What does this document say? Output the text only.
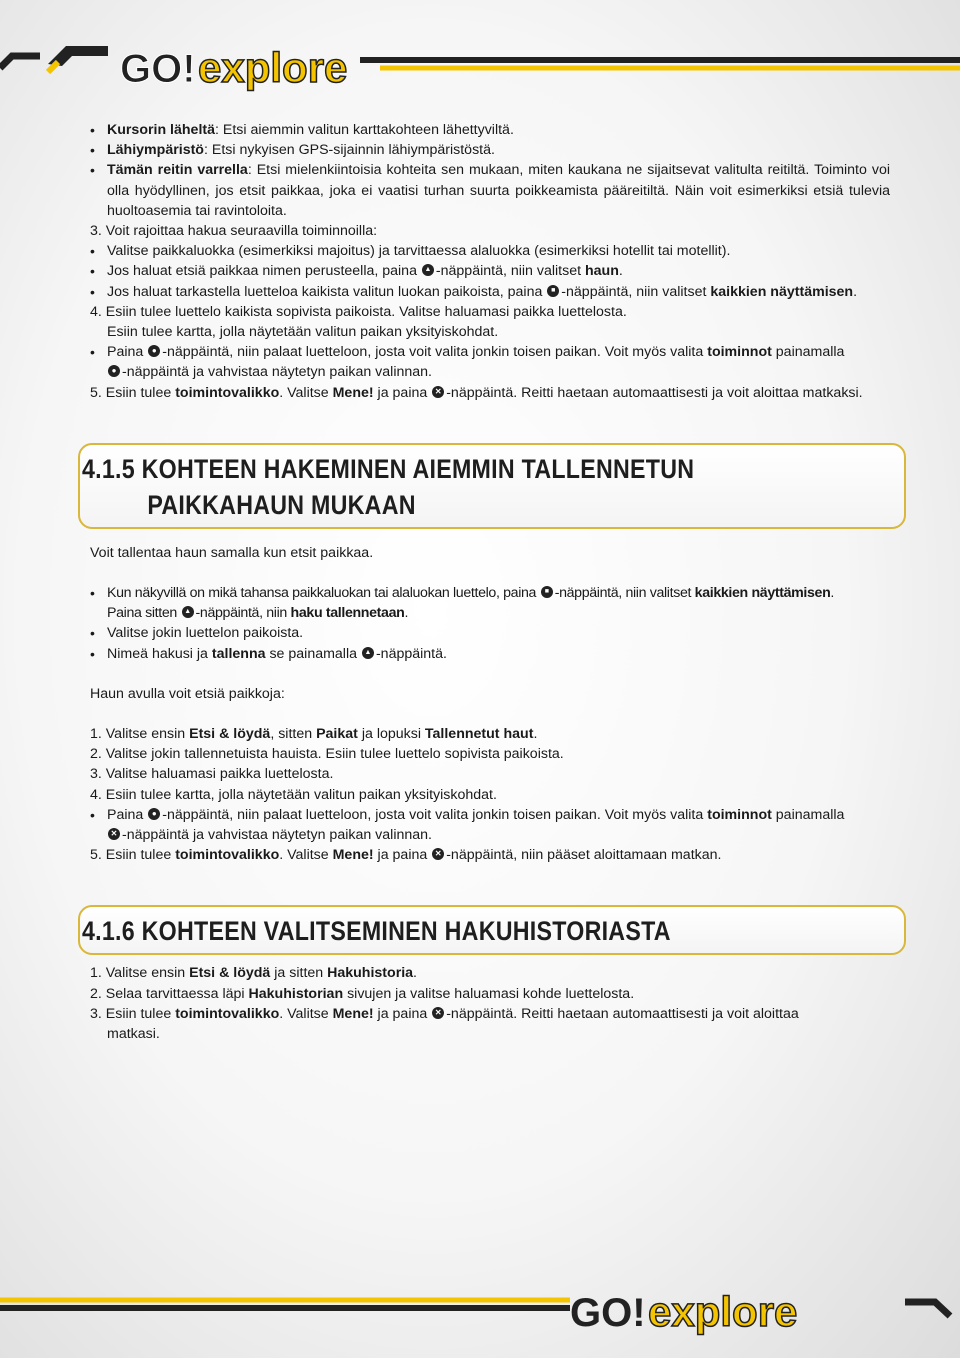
GO! explore

• Kursorin läheltä: Etsi aiemmin valitun karttakohteen lähettyviltä.

• Lähiympäristö: Etsi nykyisen GPS-sijainnin lähiympäristöstä.

• Tämän reitin varrella: Etsi mielenkiintoisia kohteita sen mukaan, miten kaukana ne sijaitsevat valitulta reitiltä. Toiminto voi olla hyödyllinen, jos etsit paikkaa, joka ei vaatisi turhan suurta poikkeamista pääreitiltä. Näin voit esimerkiksi etsiä tulevia huoltoasemia tai ravintoloita.

3. Voit rajoittaa hakua seuraavilla toiminnoilla:

• Valitse paikkaluokka (esimerkiksi majoitus) ja tarvittaessa alaluokka (esimerkiksi hotellit tai motellit).

• Jos haluat etsiä paikkaa nimen perusteella, paina ▲-näppäintä, niin valitset haun.

• Jos haluat tarkastella luetteloa kaikista valitun luokan paikoista, paina ■-näppäintä, niin valitset kaikkien näyttämisen.

4. Esiin tulee luettelo kaikista sopivista paikoista. Valitse haluamasi paikka luettelosta.

Esiin tulee kartta, jolla näytetään valitun paikan yksityiskohdat.

• Paina ●-näppäintä, niin palaat luetteloon, josta voit valita jonkin toisen paikan. Voit myös valita toiminnot painamalla
●-näppäintä ja vahvistaa näytetyn paikan valinnan.

5. Esiin tulee toimintovalikko. Valitse Mene! ja paina ✕-näppäintä. Reitti haetaan automaattisesti ja voit aloittaa matkaksi.

4.1.5 KOHTEEN HAKEMINEN AIEMMIN TALLENNETUN
PAIKKAHAUN MUKAAN

Voit tallentaa haun samalla kun etsit paikkaa.

• Kun näkyvillä on mikä tahansa paikkaluokan tai alaluokan luettelo, paina ■-näppäintä, niin valitset kaikkien näyttämisen.
Paina sitten ▲-näppäintä, niin haku tallennetaan.

• Valitse jokin luettelon paikoista.

• Nimeä hakusi ja tallenna se painamalla ▲-näppäintä.

Haun avulla voit etsiä paikkoja:

1. Valitse ensin Etsi & löydä, sitten Paikat ja lopuksi Tallennetut haut.

2. Valitse jokin tallennetuista hauista. Esiin tulee luettelo sopivista paikoista.

3. Valitse haluamasi paikka luettelosta.

4. Esiin tulee kartta, jolla näytetään valitun paikan yksityiskohdat.

• Paina ●-näppäintä, niin palaat luetteloon, josta voit valita jonkin toisen paikan. Voit myös valita toiminnot painamalla
✕-näppäintä ja vahvistaa näytetyn paikan valinnan.

5. Esiin tulee toimintovalikko. Valitse Mene! ja paina ✕-näppäintä, niin pääset aloittamaan matkan.

4.1.6 KOHTEEN VALITSEMINEN HAKUHISTORIASTA

1. Valitse ensin Etsi & löydä ja sitten Hakuhistoria.

2. Selaa tarvittaessa läpi Hakuhistorian sivujen ja valitse haluamasi kohde luettelosta.

3. Esiin tulee toimintovalikko. Valitse Mene! ja paina ✕-näppäintä. Reitti haetaan automaattisesti ja voit aloittaa
matkasi.

GO! explore
